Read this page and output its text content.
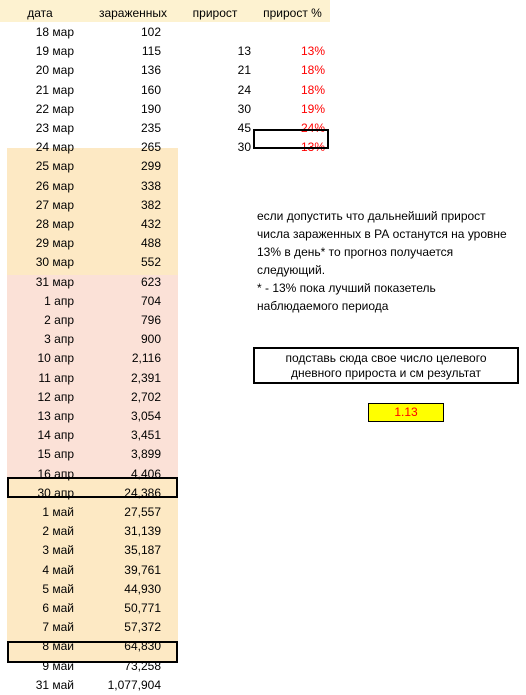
дата	зараженных	прирост	прирост %
18 мар	102
19 мар	115	13	13%
20 мар	136	21	18%
21 мар	160	24	18%
22 мар	190	30	19%
23 мар	235	45	24%
24 мар	265	30	13%
25 мар	299
26 мар	338
27 мар	382
28 мар	432
29 мар	488
30 мар	552
31 мар	623
1 апр	704
2 апр	796
3 апр	900
10 апр	2,116
11 апр	2,391
12 апр	2,702
13 апр	3,054
14 апр	3,451
15 апр	3,899
16 апр	4,406
30 апр	24,386
1 май	27,557
2 май	31,139
3 май	35,187
4 май	39,761
5 май	44,930
6 май	50,771
7 май	57,372
8 май	64,830
9 май	73,258
31 май	1,077,904
если допустить что дальнейший прирост
числа зараженных в РА останутся на уровне
13% в день* то прогноз получается
следующий.
* - 13% пока лучший показетель
наблюдаемого периода
подставь сюда свое число целевого
дневного прироста и см результат
1.13
